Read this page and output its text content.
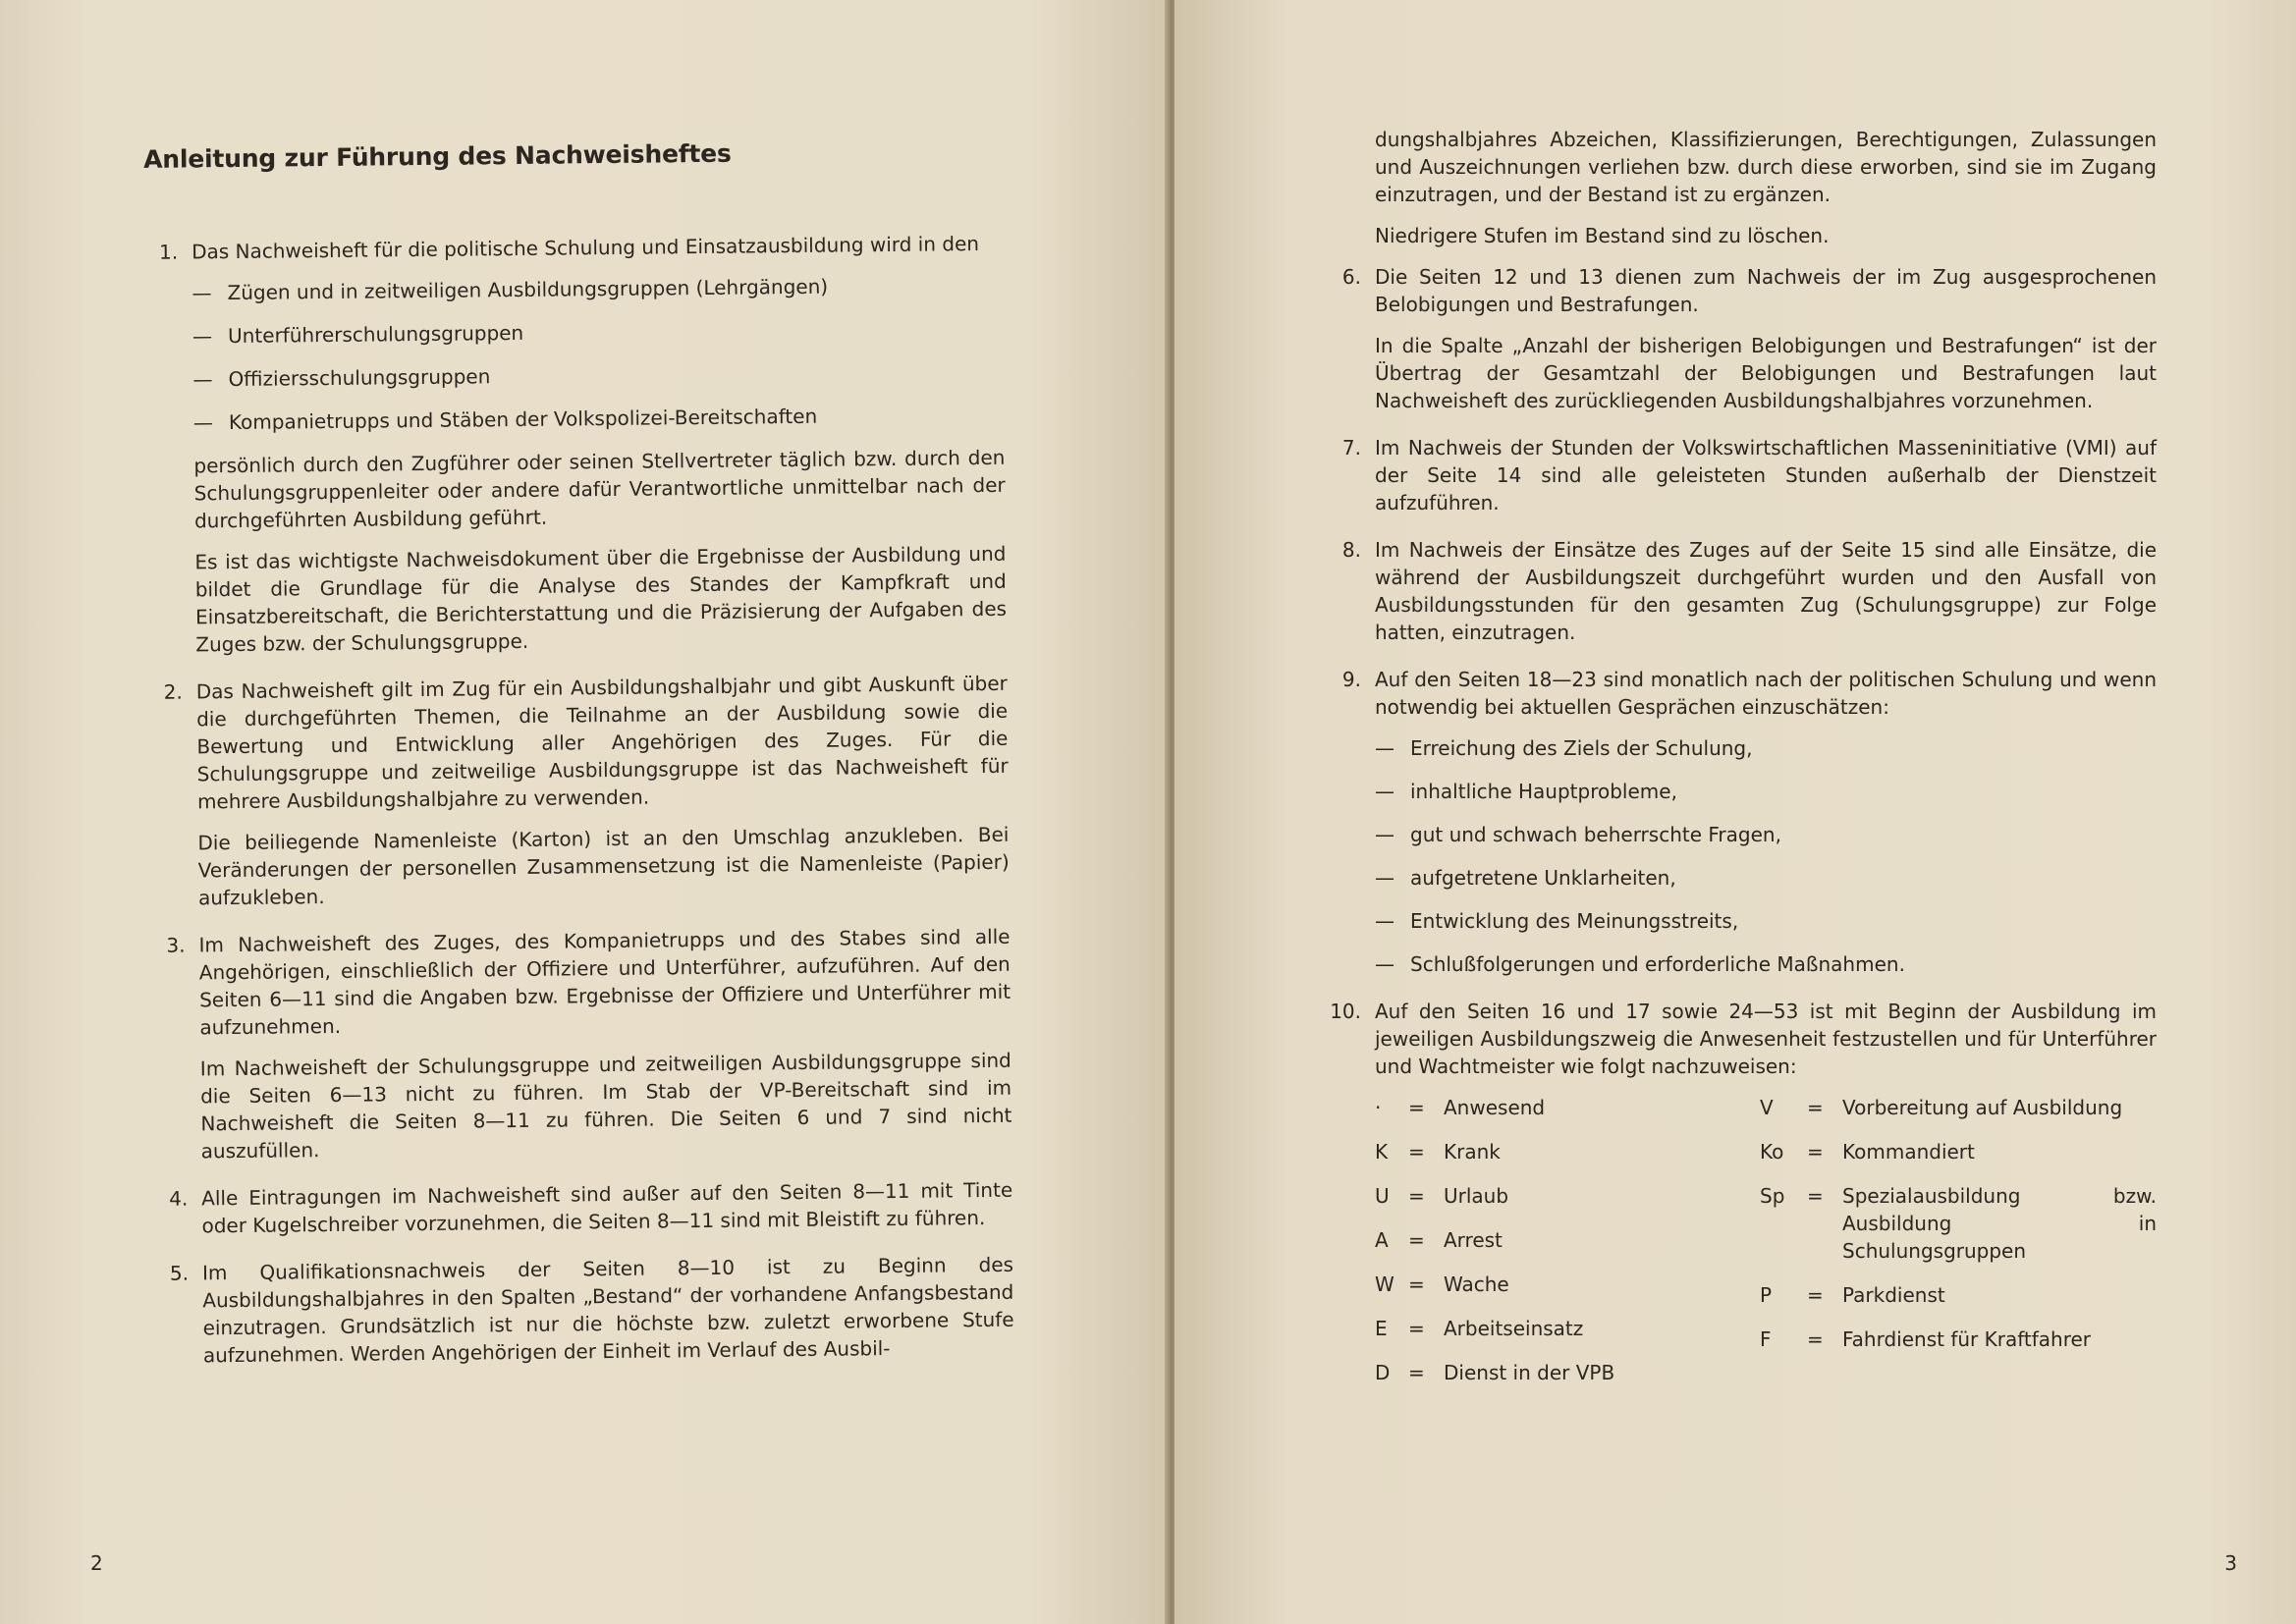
Anleitung zur Führung des Nachweisheftes
1. Das Nachweisheft für die politische Schulung und Einsatzausbildung wird in den

— Zügen und in zeitweiligen Ausbildungsgruppen (Lehrgängen)
— Unterführerschulungsgruppen
— Offiziersschulungsgruppen
— Kompanietrupps und Stäben der Volkspolizei-Bereitschaften

persönlich durch den Zugführer oder seinen Stellvertreter täglich bzw. durch den Schulungsgruppenleiter oder andere dafür Verantwortliche unmittelbar nach der durchgeführten Ausbildung geführt.

Es ist das wichtigste Nachweisdokument über die Ergebnisse der Ausbildung und bildet die Grundlage für die Analyse des Standes der Kampfkraft und Einsatzbereitschaft, die Berichterstattung und die Präzisierung der Aufgaben des Zuges bzw. der Schulungsgruppe.

2. Das Nachweisheft gilt im Zug für ein Ausbildungshalbjahr und gibt Auskunft über die durchgeführten Themen, die Teilnahme an der Ausbildung sowie die Bewertung und Entwicklung aller Angehörigen des Zuges. Für die Schulungsgruppe und zeitweilige Ausbildungsgruppe ist das Nachweisheft für mehrere Ausbildungshalbjahre zu verwenden.

Die beiliegende Namenleiste (Karton) ist an den Umschlag anzukleben. Bei Veränderungen der personellen Zusammensetzung ist die Namenleiste (Papier) aufzukleben.

3. Im Nachweisheft des Zuges, des Kompanietrupps und des Stabes sind alle Angehörigen, einschließlich der Offiziere und Unterführer, aufzuführen. Auf den Seiten 6—11 sind die Angaben bzw. Ergebnisse der Offiziere und Unterführer mit aufzunehmen.

Im Nachweisheft der Schulungsgruppe und zeitweiligen Ausbildungsgruppe sind die Seiten 6—13 nicht zu führen. Im Stab der VP-Bereitschaft sind im Nachweisheft die Seiten 8—11 zu führen. Die Seiten 6 und 7 sind nicht auszufüllen.

4. Alle Eintragungen im Nachweisheft sind außer auf den Seiten 8—11 mit Tinte oder Kugelschreiber vorzunehmen, die Seiten 8—11 sind mit Bleistift zu führen.

5. Im Qualifikationsnachweis der Seiten 8—10 ist zu Beginn des Ausbildungshalbjahres in den Spalten „Bestand“ der vorhandene Anfangsbestand einzutragen. Grundsätzlich ist nur die höchste bzw. zuletzt erworbene Stufe aufzunehmen. Werden Angehörigen der Einheit im Verlauf des Ausbil-

2

dungshalbjahres Abzeichen, Klassifizierungen, Berechtigungen, Zulassungen und Auszeichnungen verliehen bzw. durch diese erworben, sind sie im Zugang einzutragen, und der Bestand ist zu ergänzen.

Niedrigere Stufen im Bestand sind zu löschen.

6. Die Seiten 12 und 13 dienen zum Nachweis der im Zug ausgesprochenen Belobigungen und Bestrafungen.

In die Spalte „Anzahl der bisherigen Belobigungen und Bestrafungen“ ist der Übertrag der Gesamtzahl der Belobigungen und Bestrafungen laut Nachweisheft des zurückliegenden Ausbildungshalbjahres vorzunehmen.

7. Im Nachweis der Stunden der Volkswirtschaftlichen Masseninitiative (VMI) auf der Seite 14 sind alle geleisteten Stunden außerhalb der Dienstzeit aufzuführen.

8. Im Nachweis der Einsätze des Zuges auf der Seite 15 sind alle Einsätze, die während der Ausbildungszeit durchgeführt wurden und den Ausfall von Ausbildungsstunden für den gesamten Zug (Schulungsgruppe) zur Folge hatten, einzutragen.

9. Auf den Seiten 18—23 sind monatlich nach der politischen Schulung und wenn notwendig bei aktuellen Gesprächen einzuschätzen:

— Erreichung des Ziels der Schulung,
— inhaltliche Hauptprobleme,
— gut und schwach beherrschte Fragen,
— aufgetretene Unklarheiten,
— Entwicklung des Meinungsstreits,
— Schlußfolgerungen und erforderliche Maßnahmen.
10. Auf den Seiten 16 und 17 sowie 24—53 ist mit Beginn der Ausbildung im jeweiligen Ausbildungszweig die Anwesenheit festzustellen und für Unterführer und Wachtmeister wie folgt nachzuweisen:

·	= Anwesend
K	= Krank
U = Urlaub
A	= Arrest
W = Wache
E	= Arbeitseinsatz
D = Dienst in der VPB
V	= Vorbereitung auf Ausbildung
Ko	= Kommandiert
Sp	= Spezialausbildung bzw. Ausbildung in Schulungsgruppen
P	= Parkdienst
F	= Fahrdienst für Kraftfahrer
3
